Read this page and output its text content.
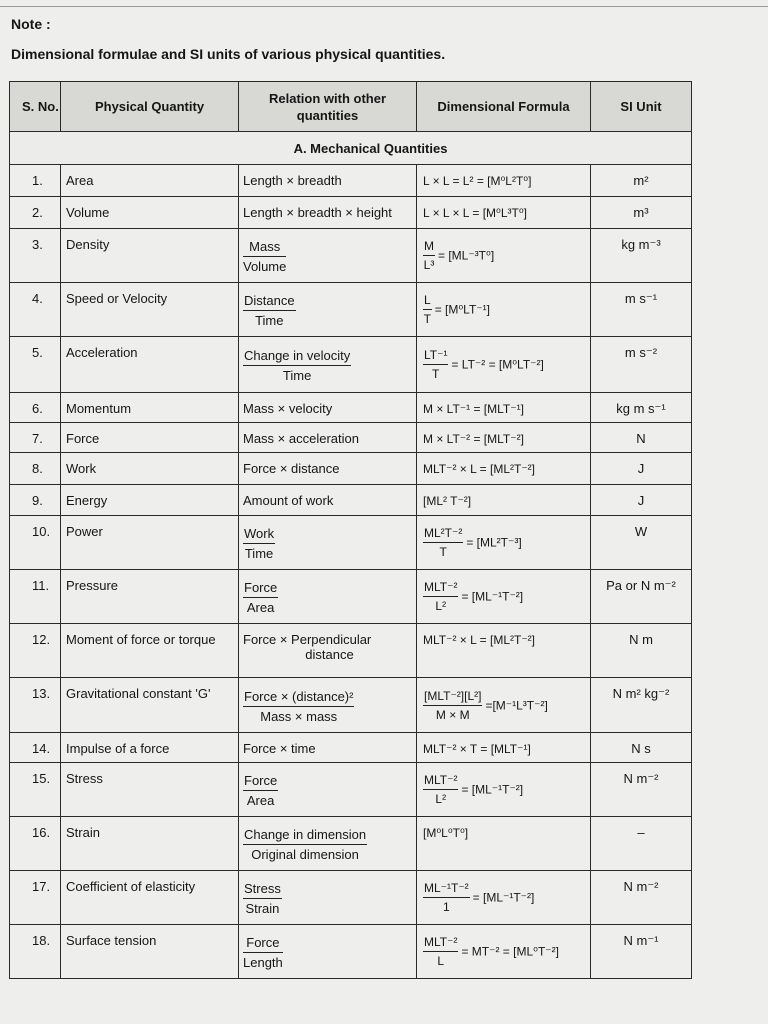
Note :
Dimensional formulae and SI units of various physical quantities.
S. No.	Physical Quantity	Relation with other quantities	Dimensional Formula	SI Unit
A. Mechanical Quantities				
1.	Area	Length × breadth	L × L = L² = [M⁰L²T⁰]	m²
2.	Volume	Length × breadth × height	L × L × L = [M⁰L³T⁰]	m³
3.	Density	$\frac{\text{Mass}}{\text{Volume}}$	$\frac{M}{\text{L³}} = [ML^{-3}T^0]$	kg m⁻³
4.	Speed or Velocity	$\frac{\text{Distance}}{\text{Time}}$	$\frac{L}{T} = [M^0LT^{-1}]$	m s⁻¹
5.	Acceleration	$\frac{\text{Change in velocity}}{\text{Time}}$	$\frac{\text{LT⁻¹}}{T} = LT^{-2} = [M^0LT^{-2}]$	m s⁻²
6.	Momentum	Mass × velocity	M × LT⁻¹ = [MLT⁻¹]	kg m s⁻¹
7.	Force	Mass × acceleration	M × LT⁻² = [MLT⁻²]	N
8.	Work	Force × distance	MLT⁻² × L = [ML²T⁻²]	J
9.	Energy	Amount of work	[ML² T⁻²]	J
10.	Power	$\frac{\text{Work}}{\text{Time}}$	$\frac{\text{ML²T⁻²}}{T} = [ML^2T^{-3}]$	W
11.	Pressure	$\frac{\text{Force}}{\text{Area}}$	$\frac{\text{MLT⁻²}}{\text{L²}} = [ML^{-1}T^{-2}]$	Pa or N m⁻²
12.	Moment of force or torque	Force × Perpendicular
distance	MLT⁻² × L = [ML²T⁻²]	N m
13.	Gravitational constant 'G'	$\frac{\text{Force × (distance)²}}{\text{Mass × mass}}$	$\frac{\text{[MLT⁻²][L²]}}{M \times M} =[M^{-1}L^3T^{-2}]$	N m² kg⁻²
14.	Impulse of a force	Force × time	MLT⁻² × T = [MLT⁻¹]	N s
15.	Stress	$\frac{\text{Force}}{\text{Area}}$	$\frac{\text{MLT⁻²}}{\text{L²}} = [ML^{-1}T^{-2}]$	N m⁻²
16.	Strain	$\frac{\text{Change in dimension}}{\text{Original dimension}}$	[M⁰L⁰T⁰]	–
17.	Coefficient of elasticity	$\frac{\text{Stress}}{\text{Strain}}$	$\frac{\text{ML⁻¹T⁻²}}{1} = [ML^{-1}T^{-2}]$	N m⁻²
18.	Surface tension	$\frac{\text{Force}}{\text{Length}}$	$\frac{\text{MLT⁻²}}{L} = MT^{-2} = [ML^0T^{-2}]$	N m⁻¹
